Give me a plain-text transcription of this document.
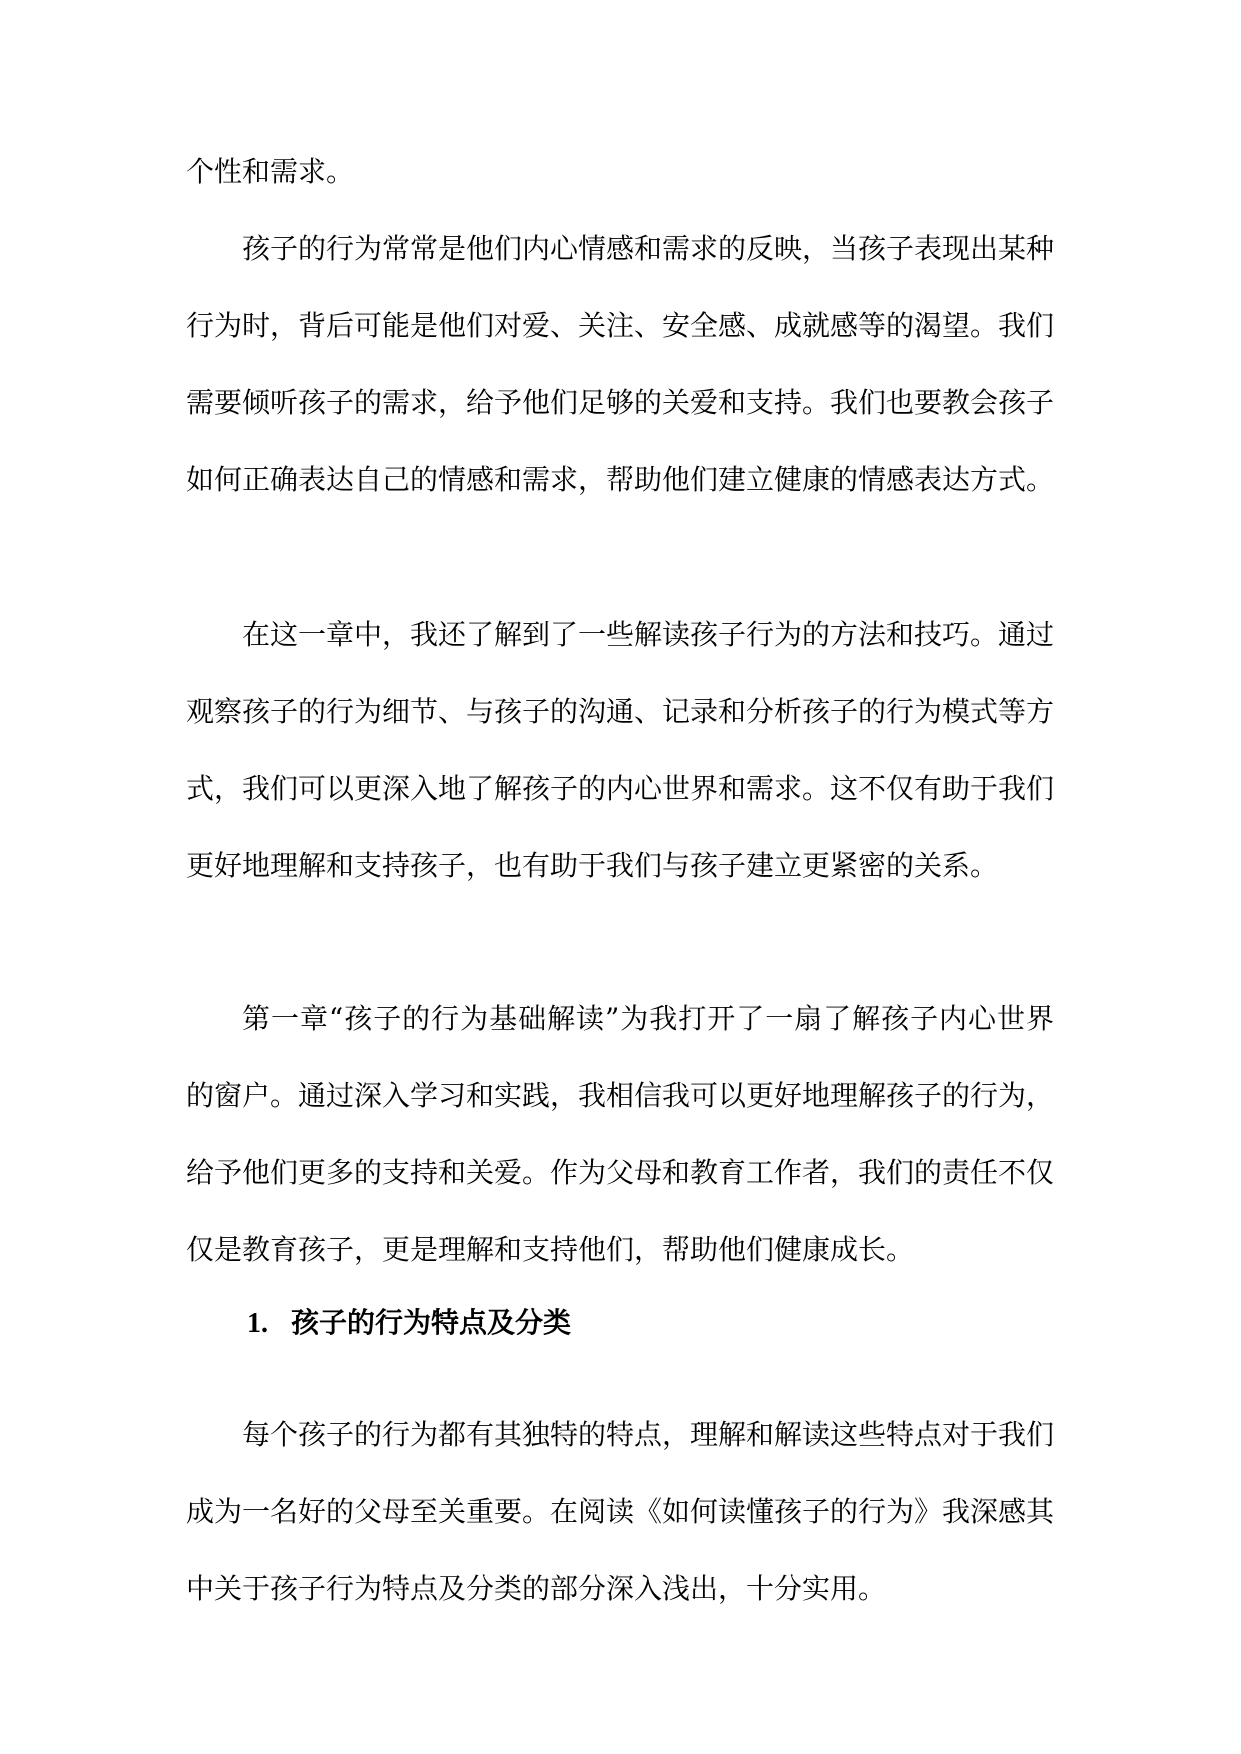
个性和需求。

孩子的行为常常是他们内心情感和需求的反映，当孩子表现出某种行为时，背后可能是他们对爱、关注、安全感、成就感等的渴望。我们需要倾听孩子的需求，给予他们足够的关爱和支持。我们也要教会孩子如何正确表达自己的情感和需求，帮助他们建立健康的情感表达方式。

在这一章中，我还了解到了一些解读孩子行为的方法和技巧。通过观察孩子的行为细节、与孩子的沟通、记录和分析孩子的行为模式等方式，我们可以更深入地了解孩子的内心世界和需求。这不仅有助于我们更好地理解和支持孩子，也有助于我们与孩子建立更紧密的关系。

第一章“孩子的行为基础解读”为我打开了一扇了解孩子内心世界的窗户。通过深入学习和实践，我相信我可以更好地理解孩子的行为，给予他们更多的支持和关爱。作为父母和教育工作者，我们的责任不仅仅是教育孩子，更是理解和支持他们，帮助他们健康成长。

1. 孩子的行为特点及分类

每个孩子的行为都有其独特的特点，理解和解读这些特点对于我们成为一名好的父母至关重要。在阅读《如何读懂孩子的行为》我深感其中关于孩子行为特点及分类的部分深入浅出，十分实用。
